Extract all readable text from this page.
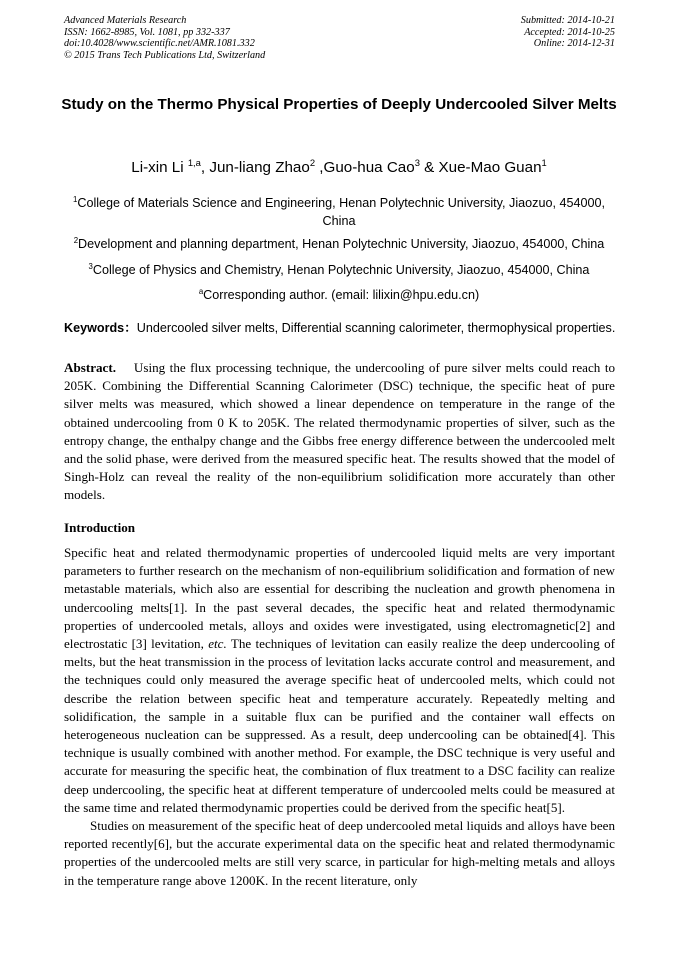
Advanced Materials Research
ISSN: 1662-8985, Vol. 1081, pp 332-337
doi:10.4028/www.scientific.net/AMR.1081.332
© 2015 Trans Tech Publications Ltd, Switzerland
Submitted: 2014-10-21
Accepted: 2014-10-25
Online: 2014-12-31
Study on the Thermo Physical Properties of Deeply Undercooled Silver Melts
Li-xin Li $^{1,a}$, Jun-liang Zhao$^2$ ,Guo-hua Cao$^3$ & Xue-Mao Guan$^1$
$^1$College of Materials Science and Engineering, Henan Polytechnic University, Jiaozuo, 454000, China
$^2$Development and planning department, Henan Polytechnic University, Jiaozuo, 454000, China
$^3$College of Physics and Chemistry, Henan Polytechnic University, Jiaozuo, 454000, China
$^a$Corresponding author. (email: lilixin@hpu.edu.cn)
Keywords：Undercooled silver melts, Differential scanning calorimeter, thermophysical properties.
Abstract. Using the flux processing technique, the undercooling of pure silver melts could reach to 205K. Combining the Differential Scanning Calorimeter (DSC) technique, the specific heat of pure silver melts was measured, which showed a linear dependence on temperature in the range of the obtained undercooling from 0 K to 205K. The related thermodynamic properties of silver, such as the entropy change, the enthalpy change and the Gibbs free energy difference between the undercooled melt and the solid phase, were derived from the measured specific heat. The results showed that the model of Singh-Holz can reveal the reality of the non-equilibrium solidification more accurately than other models.
Introduction

Specific heat and related thermodynamic properties of undercooled liquid melts are very important parameters to further research on the mechanism of non-equilibrium solidification and formation of new metastable materials, which also are essential for describing the nucleation and growth phenomena in undercooling melts[1]. In the past several decades, the specific heat and related thermodynamic properties of undercooled metals, alloys and oxides were investigated, using electromagnetic[2] and electrostatic [3] levitation, etc. The techniques of levitation can easily realize the deep undercooling of melts, but the heat transmission in the process of levitation lacks accurate control and measurement, and the techniques could only measured the average specific heat of undercooled melts, which could not describe the relation between specific heat and temperature accurately. Repeatedly melting and solidification, the sample in a suitable flux can be purified and the container wall effects on heterogeneous nucleation can be suppressed. As a result, deep undercooling can be obtained[4]. This technique is usually combined with another method. For example, the DSC technique is very useful and accurate for measuring the specific heat, the combination of flux treatment to a DSC facility can realize deep undercooling, the specific heat at different temperature of undercooled melts could be measured at the same time and related thermodynamic properties could be derived from the specific heat[5].

Studies on measurement of the specific heat of deep undercooled metal liquids and alloys have been reported recently[6], but the accurate experimental data on the specific heat and related thermodynamic properties of the undercooled melts are still very scarce, in particular for high-melting metals and alloys in the temperature range above 1200K. In the recent literature, only
